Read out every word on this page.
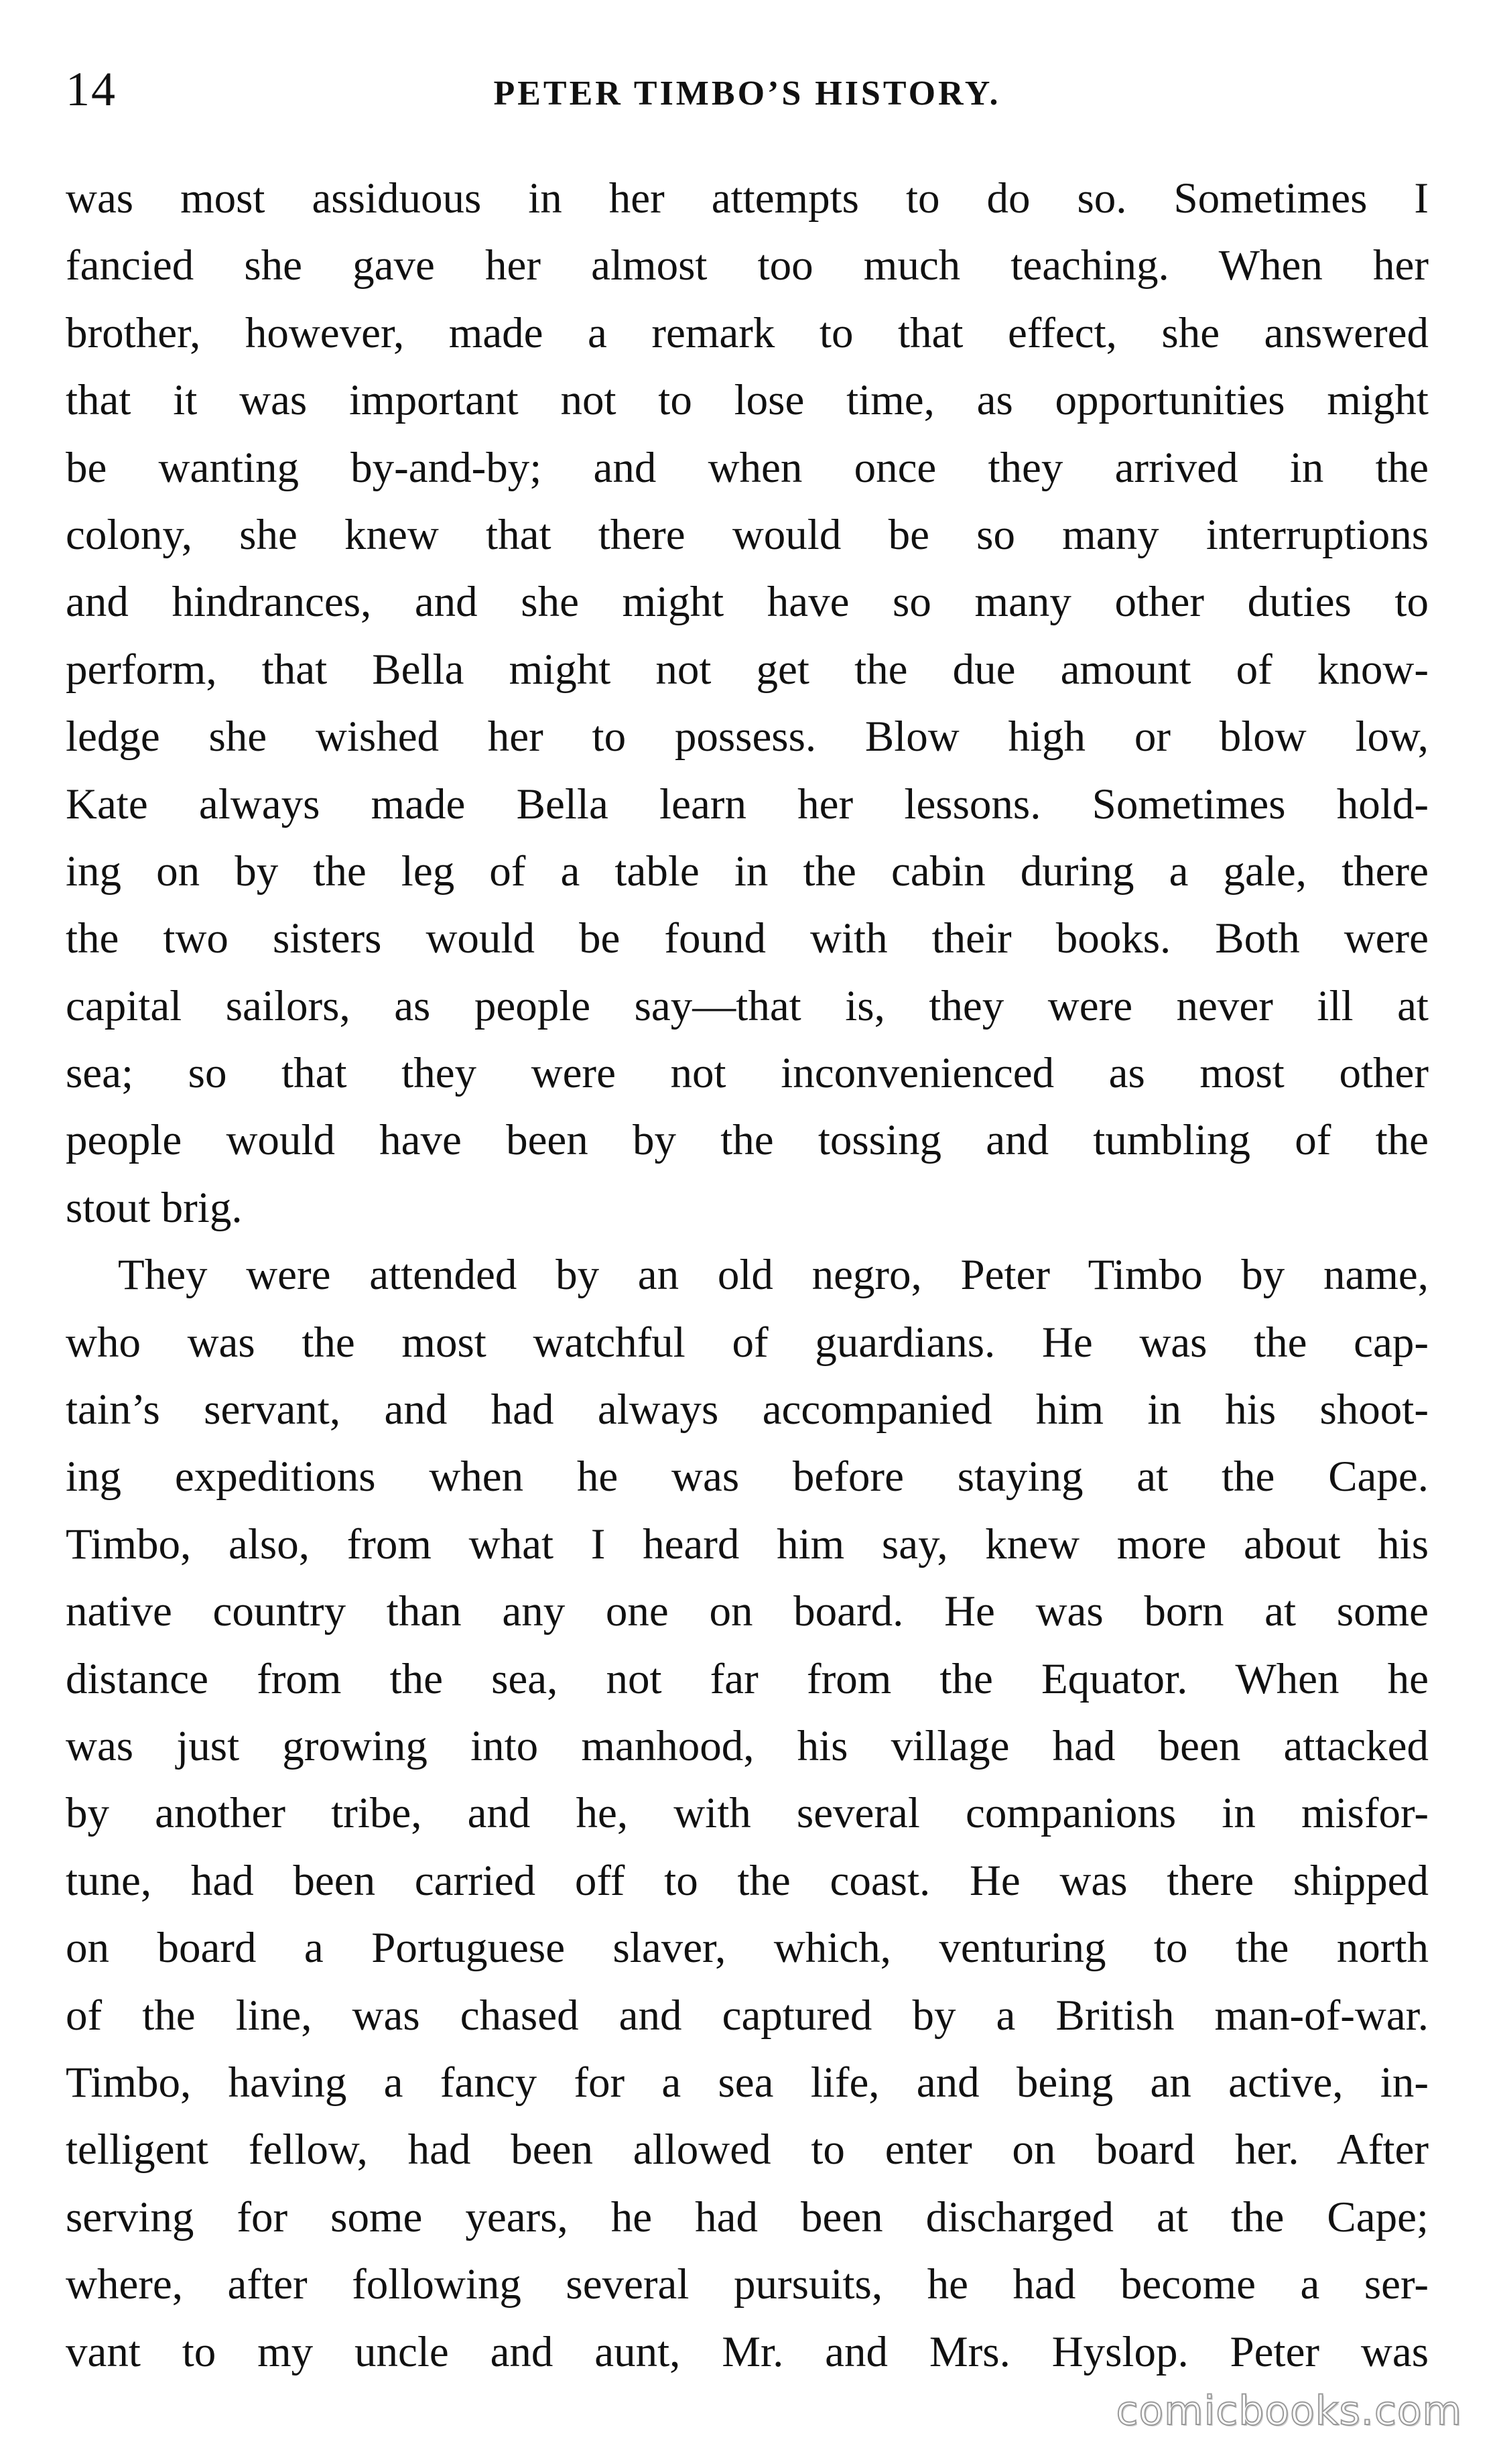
14	PETER TIMBO’S HISTORY.
was most assiduous in her attempts to do so. Sometimes I
fancied she gave her almost too much teaching. When her
brother, however, made a remark to that effect, she answered
that it was important not to lose time, as opportunities might
be wanting by-and-by; and when once they arrived in the
colony, she knew that there would be so many interruptions
and hindrances, and she might have so many other duties to
perform, that Bella might not get the due amount of know-
ledge she wished her to possess. Blow high or blow low,
Kate always made Bella learn her lessons. Sometimes hold-
ing on by the leg of a table in the cabin during a gale, there
the two sisters would be found with their books. Both were
capital sailors, as people say—that is, they were never ill at
sea; so that they were not inconvenienced as most other
people would have been by the tossing and tumbling of the
stout brig.
They were attended by an old negro, Peter Timbo by name,
who was the most watchful of guardians. He was the cap-
tain’s servant, and had always accompanied him in his shoot-
ing expeditions when he was before staying at the Cape.
Timbo, also, from what I heard him say, knew more about his
native country than any one on board. He was born at some
distance from the sea, not far from the Equator. When he
was just growing into manhood, his village had been attacked
by another tribe, and he, with several companions in misfor-
tune, had been carried off to the coast. He was there shipped
on board a Portuguese slaver, which, venturing to the north
of the line, was chased and captured by a British man-of-war.
Timbo, having a fancy for a sea life, and being an active, in-
telligent fellow, had been allowed to enter on board her. After
serving for some years, he had been discharged at the Cape;
where, after following several pursuits, he had become a ser-
vant to my uncle and aunt, Mr. and Mrs. Hyslop. Peter was
comicbooks.com
